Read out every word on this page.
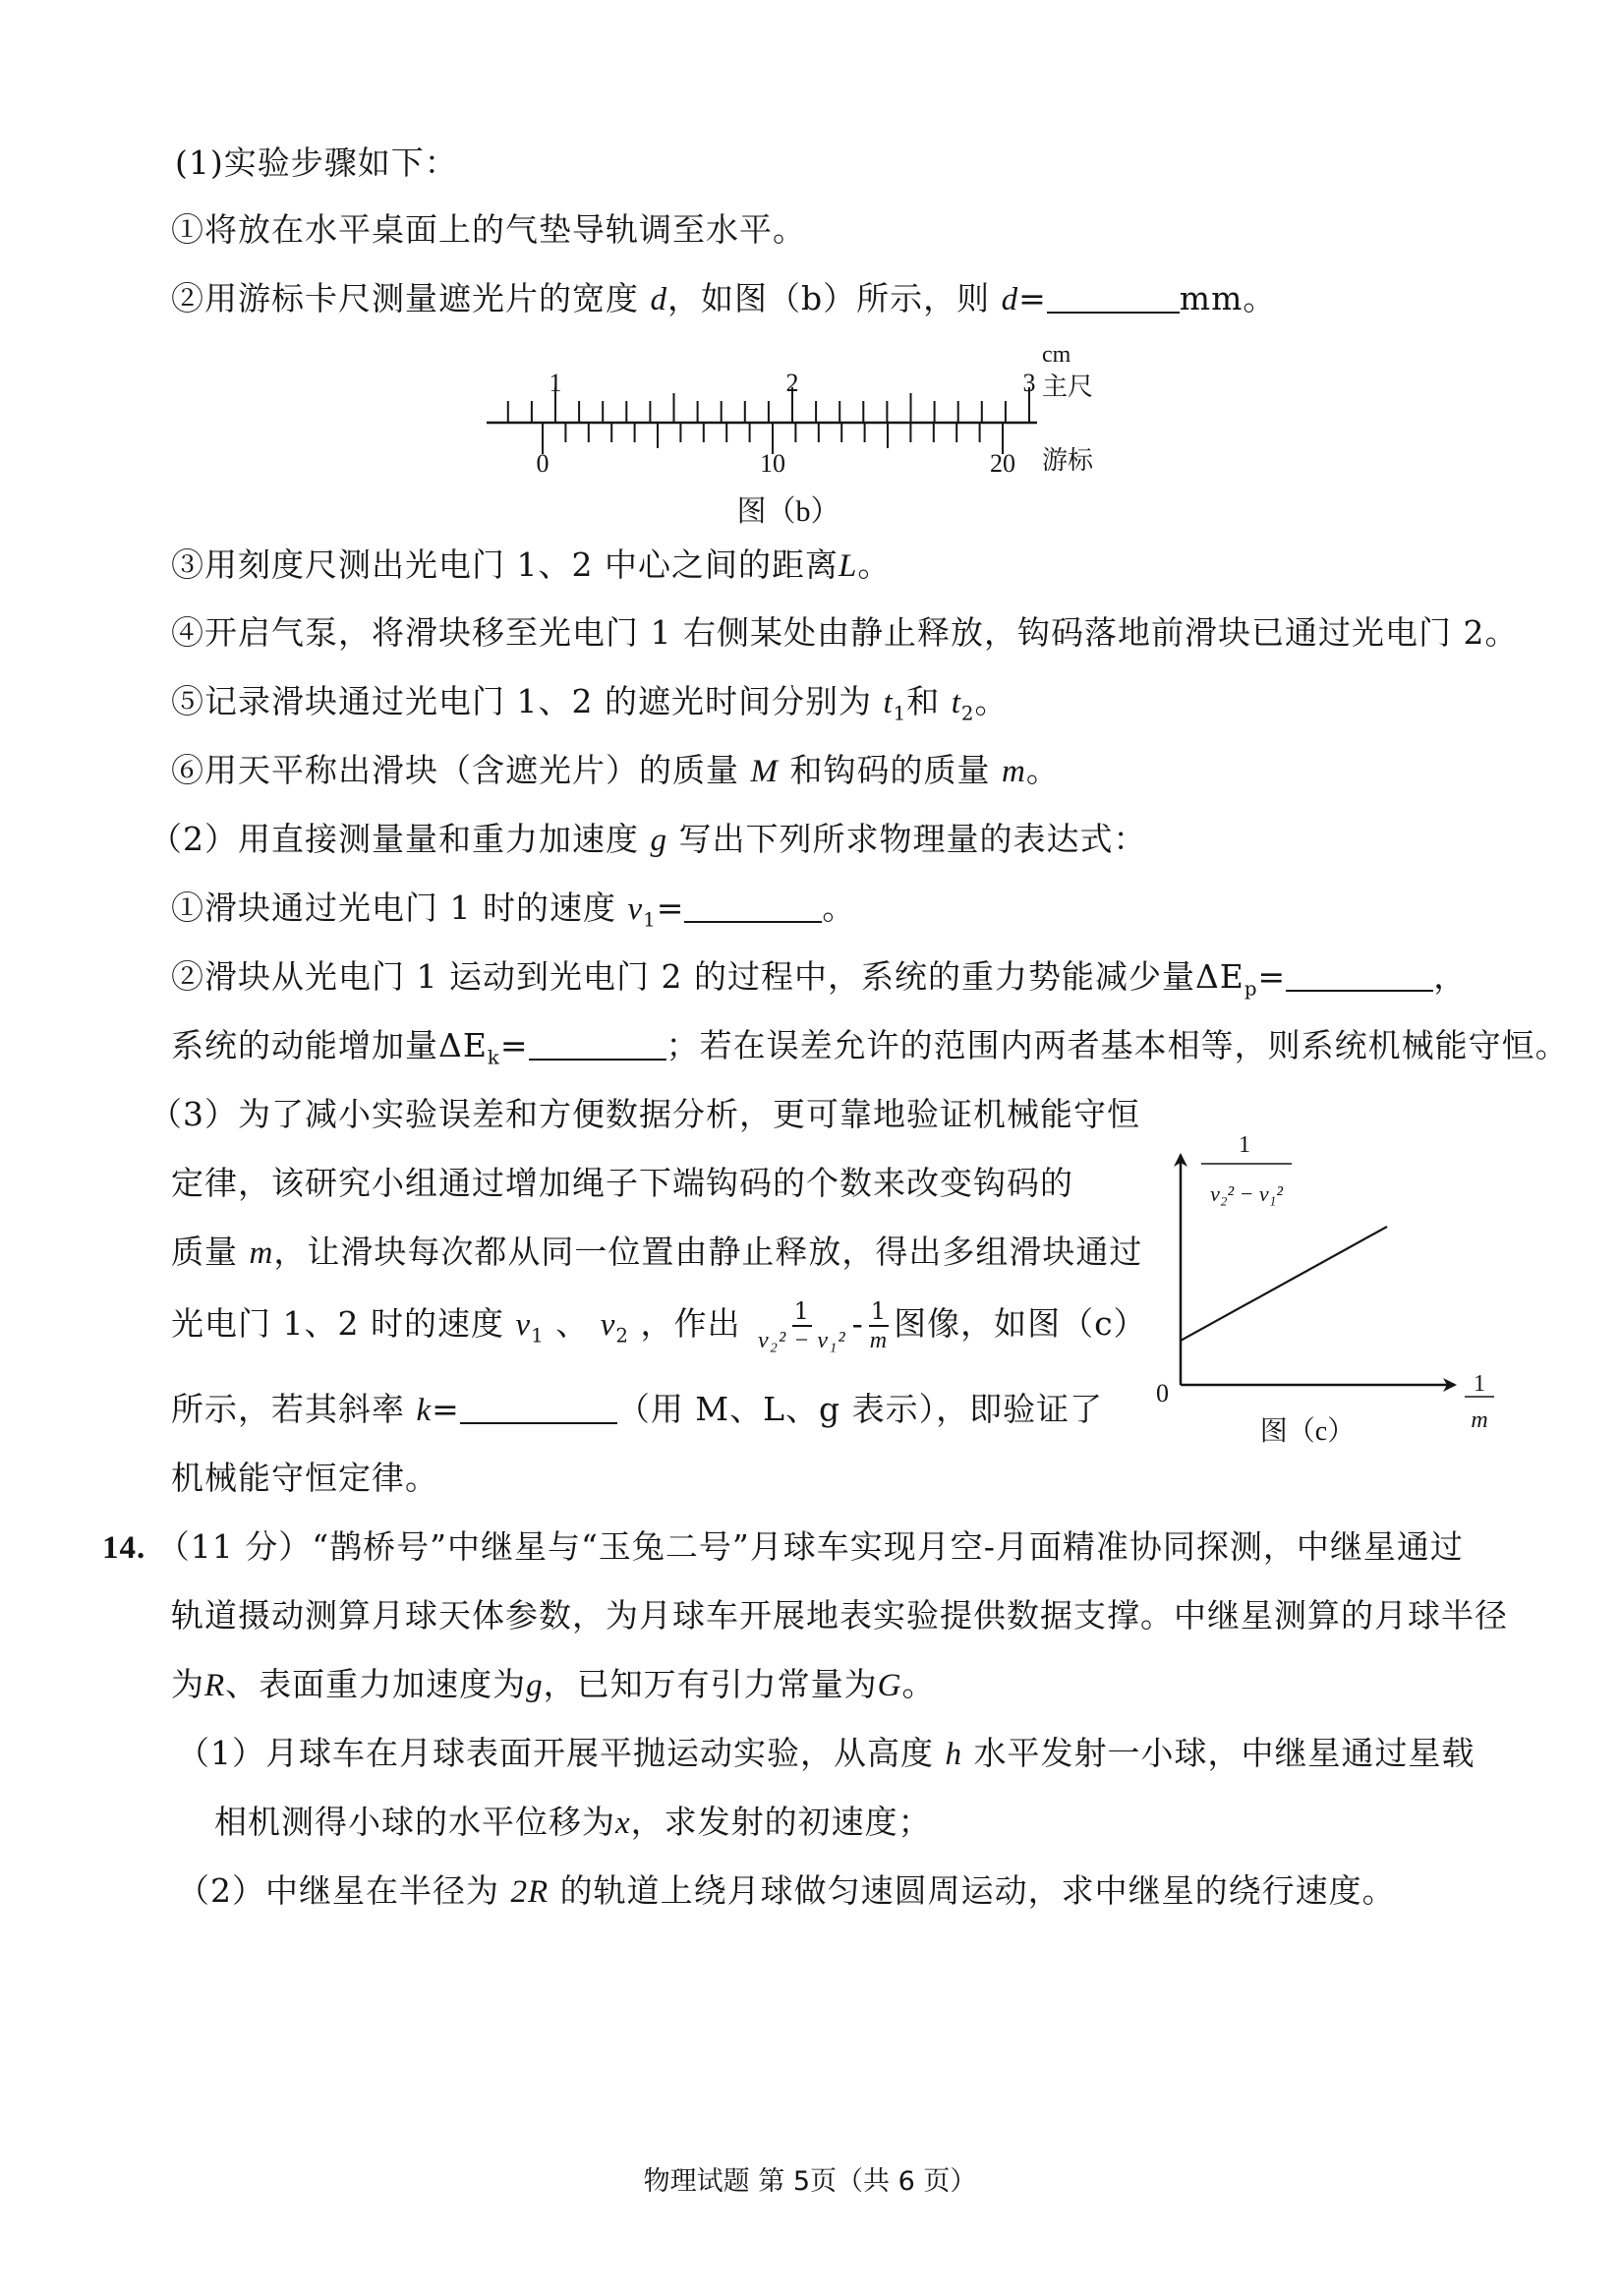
(1)实验步骤如下：
①将放在水平桌面上的气垫导轨调至水平。
②用游标卡尺测量遮光片的宽度 d，如图（b）所示，则 d=	mm。
1	2	3
cm
主尺
0	10	20 游标
图（b）
③用刻度尺测出光电门 1、2 中心之间的距离L。
④开启气泵，将滑块移至光电门 1 右侧某处由静止释放，钩码落地前滑块已通过光电门 2。
⑤记录滑块通过光电门 1、2 的遮光时间分别为 $t_1$和 $t_2$。
⑥用天平称出滑块（含遮光片）的质量 M 和钩码的质量 m。
（2）用直接测量量和重力加速度 g 写出下列所求物理量的表达式：
①滑块通过光电门 1 时的速度 $v_1=$	。
②滑块从光电门 1 运动到光电门 2 的过程中，系统的重力势能减少量$\Delta E_p=$	，
系统的动能增加量$\Delta E_k=$	；若在误差允许的范围内两者基本相等，则系统机械能守恒。
（3）为了减小实验误差和方便数据分析，更可靠地验证机械能守恒
定律，该研究小组通过增加绳子下端钩码的个数来改变钩码的
质量 m，让滑块每次都从同一位置由静止释放，得出多组滑块通过
光电门 1、2 时的速度 $v_1$ 、 $v_2$ ，作出 $\frac{1}{\text{v₂² − v₁²}} - \frac{1}{m}$ 图像，如图（c）
所示，若其斜率 k=	（用 M、L、g 表示），即验证了
机械能守恒定律。
1
v₂² − v₁²
0	1
m
图（c）
14. （11 分）“鹊桥号”中继星与“玉兔二号”月球车实现月空-月面精准协同探测，中继星通过
轨道摄动测算月球天体参数，为月球车开展地表实验提供数据支撑。中继星测算的月球半径
为R、表面重力加速度为g，已知万有引力常量为G。
（1）月球车在月球表面开展平抛运动实验，从高度 h 水平发射一小球，中继星通过星载
相机测得小球的水平位移为x，求发射的初速度；
（2）中继星在半径为 2R 的轨道上绕月球做匀速圆周运动，求中继星的绕行速度。
物理试题 第 5页（共 6 页）
